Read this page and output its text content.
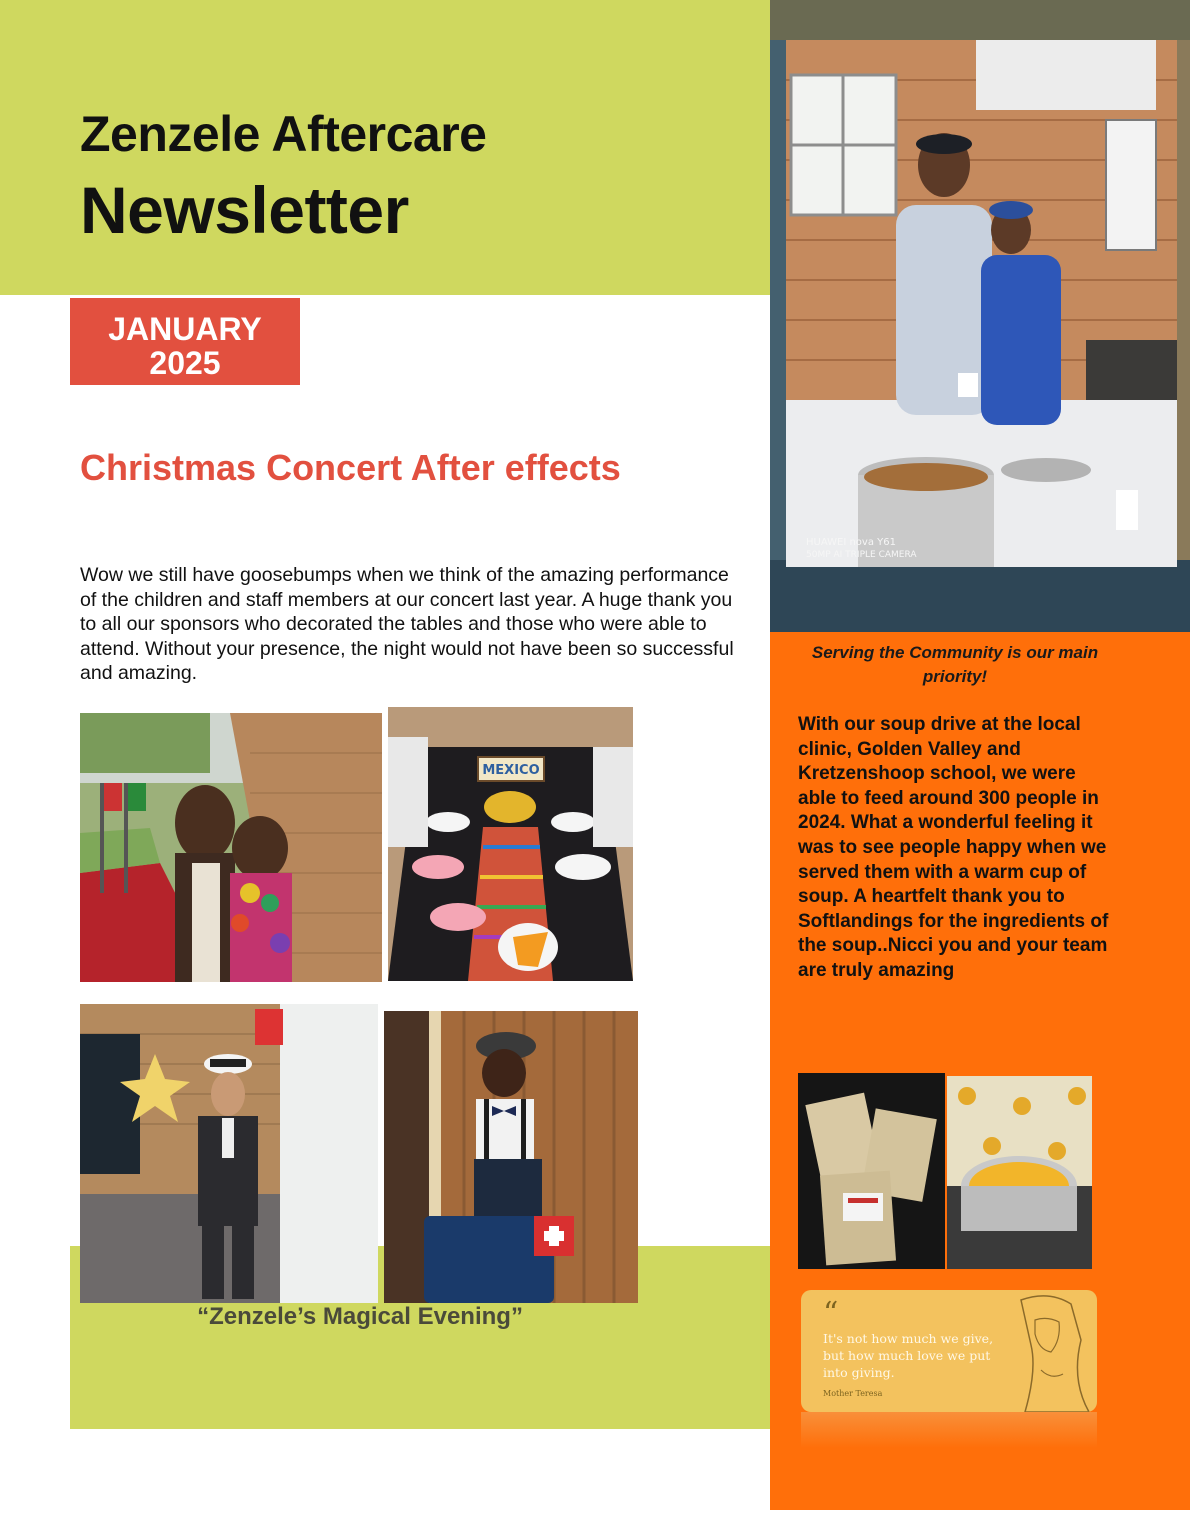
Zenzele Aftercare
Newsletter
JANUARY
2025
Christmas Concert After effects
Wow we still have goosebumps when we think of the amazing performance of the children and staff members at our concert last year. A huge thank you to all our sponsors who decorated the tables and those who were able to attend. Without your presence, the night would not have been so successful and amazing.
MEXICO
“Zenzele’s Magical Evening”
HUAWEI nova Y61
50MP AI TRIPLE CAMERA
Serving the Community is our main priority!
With our soup drive at the local clinic, Golden Valley and Kretzenshoop school, we were able to feed around 300 people in 2024. What a wonderful feeling it was to see people happy when we served them with a warm cup of soup. A heartfelt thank you to Softlandings for the ingredients of the soup..Nicci you and your team are truly amazing
“
It's not how much we give, but how much love we put into giving.
Mother Teresa
